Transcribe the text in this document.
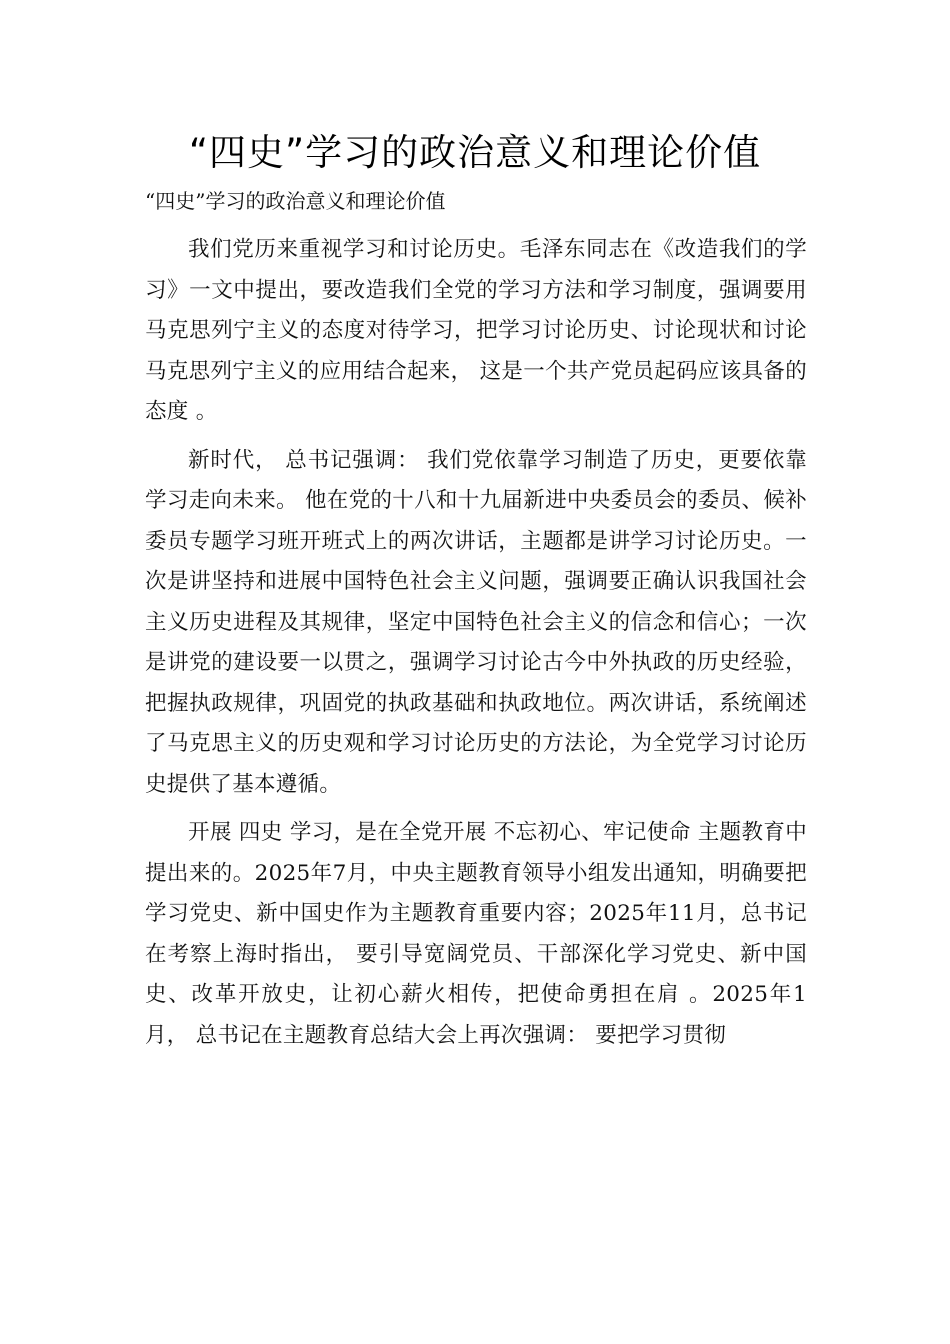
“四史”学习的政治意义和理论价值

“四史”学习的政治意义和理论价值

我们党历来重视学习和讨论历史。毛泽东同志在《改造我们的学习》一文中提出，要改造我们全党的学习方法和学习制度，强调要用马克思列宁主义的态度对待学习，把学习讨论历史、讨论现状和讨论马克思列宁主义的应用结合起来， 这是一个共产党员起码应该具备的态度 。

新时代， 总书记强调： 我们党依靠学习制造了历史，更要依靠学习走向未来。 他在党的十八和十九届新进中央委员会的委员、候补委员专题学习班开班式上的两次讲话，主题都是讲学习讨论历史。一次是讲坚持和进展中国特色社会主义问题，强调要正确认识我国社会主义历史进程及其规律，坚定中国特色社会主义的信念和信心；一次是讲党的建设要一以贯之，强调学习讨论古今中外执政的历史经验，把握执政规律，巩固党的执政基础和执政地位。两次讲话，系统阐述了马克思主义的历史观和学习讨论历史的方法论，为全党学习讨论历史提供了基本遵循。

开展 四史 学习，是在全党开展 不忘初心、牢记使命 主题教育中提出来的。2025年7月，中央主题教育领导小组发出通知，明确要把学习党史、新中国史作为主题教育重要内容；2025年11月，总书记在考察上海时指出， 要引导宽阔党员、干部深化学习党史、新中国史、改革开放史，让初心薪火相传，把使命勇担在肩 。2025年1月， 总书记在主题教育总结大会上再次强调： 要把学习贯彻
